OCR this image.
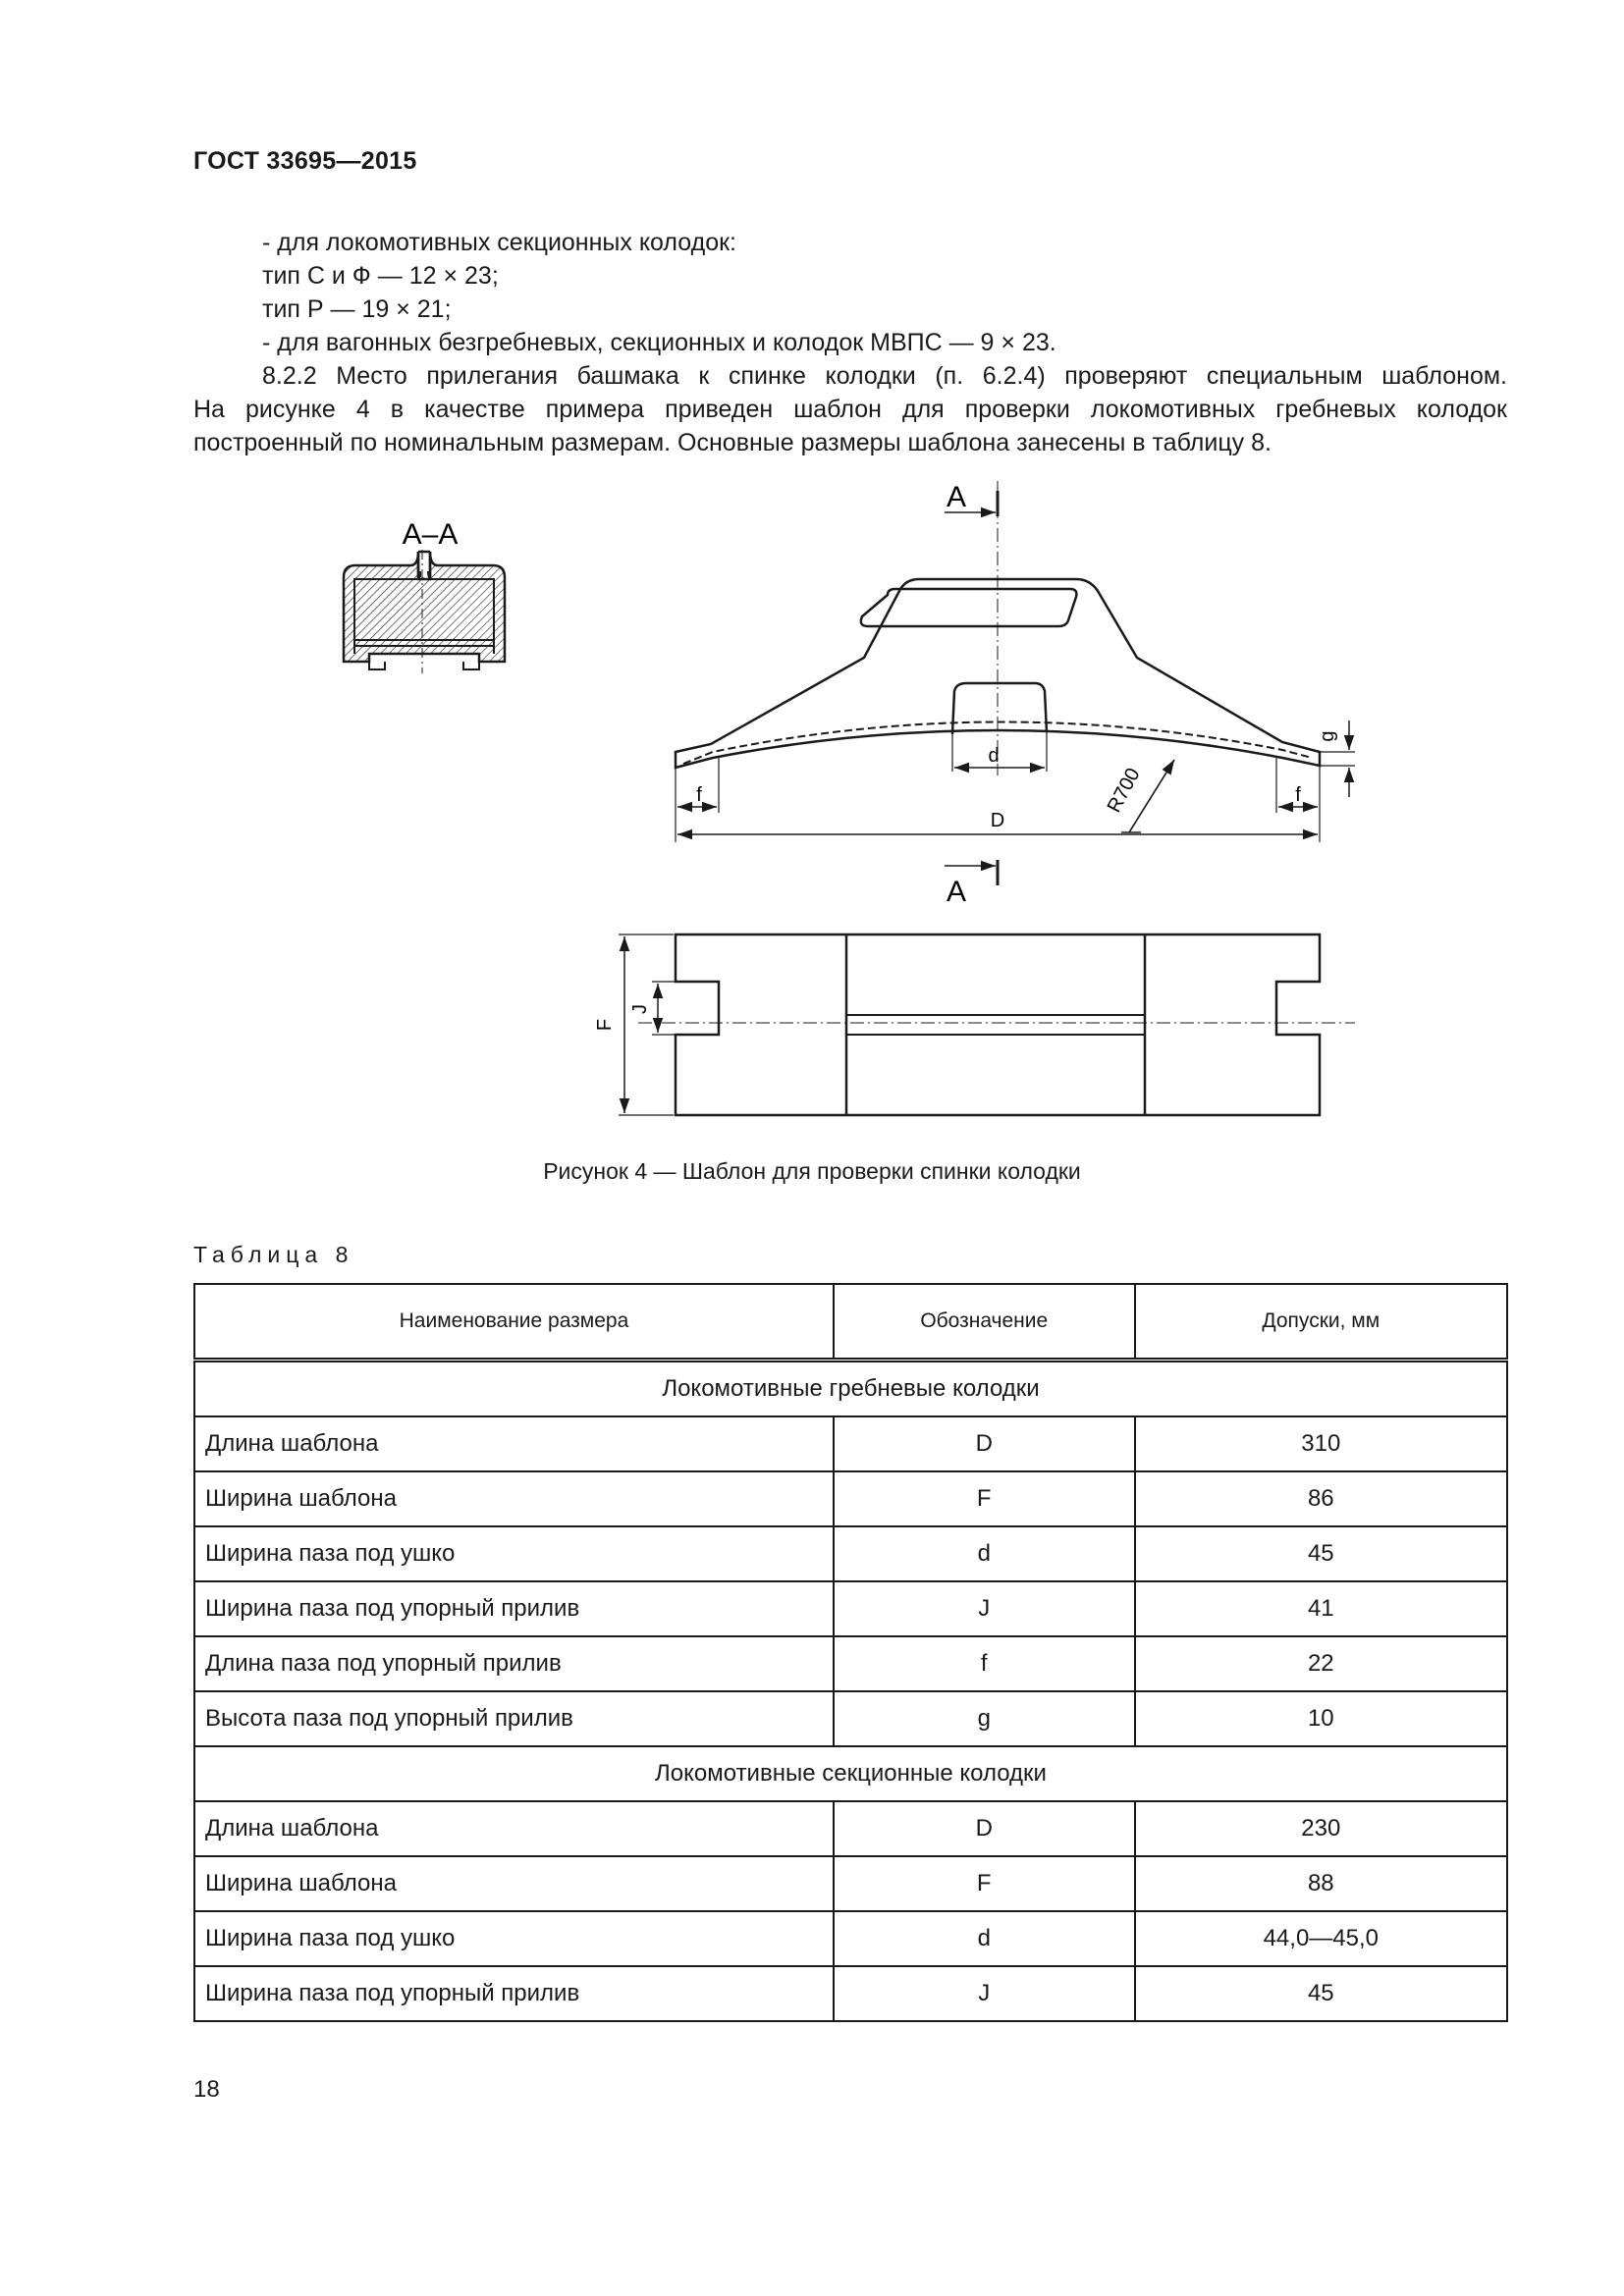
ГОСТ 33695—2015
- для локомотивных секционных колодок:
тип С и Ф — 12 × 23;
тип Р — 19 × 21;
- для вагонных безгребневых, секционных и колодок МВПС — 9 × 23.
8.2.2 Место прилегания башмака к спинке колодки (п. 6.2.4) проверяют специальным шаблоном.
На рисунке 4 в качестве примера приведен шаблон для проверки локомотивных гребневых колодок
построенный по номинальным размерам. Основные размеры шаблона занесены в таблицу 8.
А–А
А
d
D
f	f
g
R700
А
F
J
Рисунок 4 — Шаблон для проверки спинки колодки
Таблица 8
Наименование размера	Обозначение	Допуски, мм
Локомотивные гребневые колодки		
Длина шаблона	D	310
Ширина шаблона	F	86
Ширина паза под ушко	d	45
Ширина паза под упорный прилив	J	41
Длина паза под упорный прилив	f	22
Высота паза под упорный прилив	g	10
Локомотивные секционные колодки		
Длина шаблона	D	230
Ширина шаблона	F	88
Ширина паза под ушко	d	44,0—45,0
Ширина паза под упорный прилив	J	45
18
